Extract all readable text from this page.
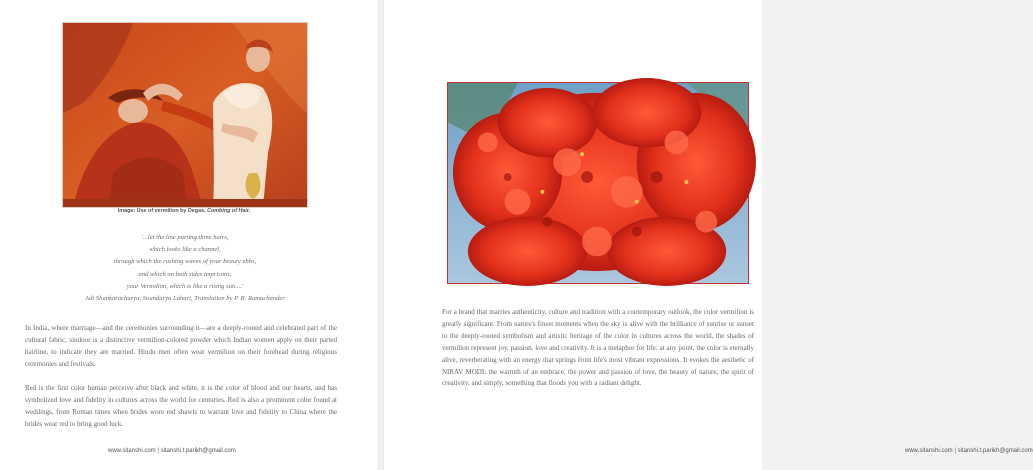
Image: Use of vermilion by Degas, Combing of Hair.
'...let the line parting thine hairs,
which looks like a channel,
through which the rushing waves of your beauty ebbs,
and which on both sides imprisons,
your Vermilion, which is like a rising sun....'
Adi Shankaracharya, Soundarya Lahari, Translation by P. R. Ramachander

In India, where marriage—and the ceremonies surrounding it—are a deeply-rooted and celebrated part of the cultural fabric, sindoor is a distinctive vermilion-colored powder which Indian women apply on their parted hairline, to indicate they are married. Hindu men often wear vermilion on their forehead during religious ceremonies and festivals.

Red is the first color human perceive after black and white, it is the color of blood and our hearts, and has symbolized love and fidelity in cultures across the world for centuries. Red is also a prominent color found at weddings, from Roman times when brides wore red shawls to warrant love and fidelity to China where the brides wear red to bring good luck.

www.sitanshi.com | sitanshi.t.parikh@gmail.com	www.sitanshi.com | sitanshi.t.parikh@gmail.com

For a brand that marries authenticity, culture and tradition with a contemporary outlook, the color vermilion is greatly significant. From nature's finest moments when the sky is alive with the brilliance of sunrise or sunset to the deeply-rooted symbolism and artistic heritage of the color in cultures across the world, the shades of vermilion represent joy, passion, love and creativity. It is a metaphor for life: at any point, the color is eternally alive, reverberating with an energy that springs from life's most vibrant expressions. It evokes the aesthetic of NIRAV MODI: the warmth of an embrace, the power and passion of love, the beauty of nature, the spirit of creativity, and simply, something that floods you with a radiant delight.
